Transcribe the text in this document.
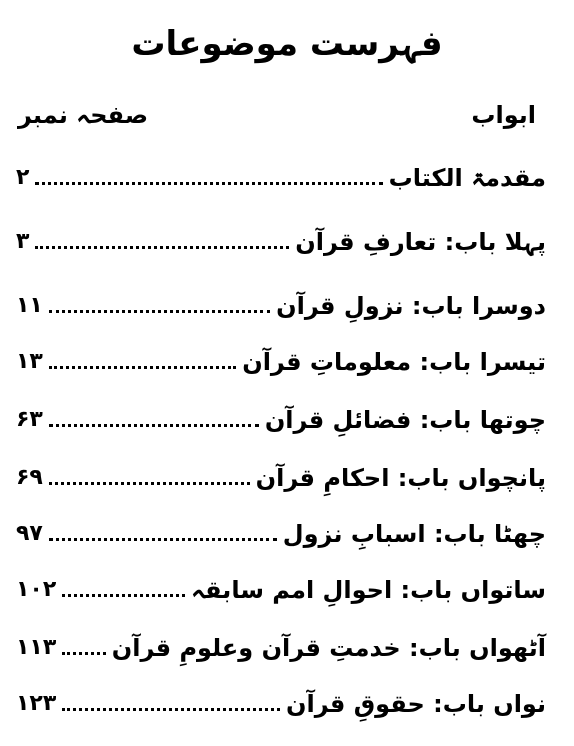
فہرست موضوعات
ابواب
صفحہ نمبر
مقدمۃ الکتاب
۲
پہلا باب: تعارفِ قرآن
۳
دوسرا باب: نزولِ قرآن
۱۱
تیسرا باب: معلوماتِ قرآن
۱۳
چوتھا باب: فضائلِ قرآن
۶۳
پانچواں باب: احکامِ قرآن
۶۹
چھٹا باب: اسبابِ نزول
۹۷
ساتواں باب: احوالِ امم سابقہ
۱۰۲
آٹھواں باب: خدمتِ قرآن وعلومِ قرآن
۱۱۳
نواں باب: حقوقِ قرآن
۱۲۳
